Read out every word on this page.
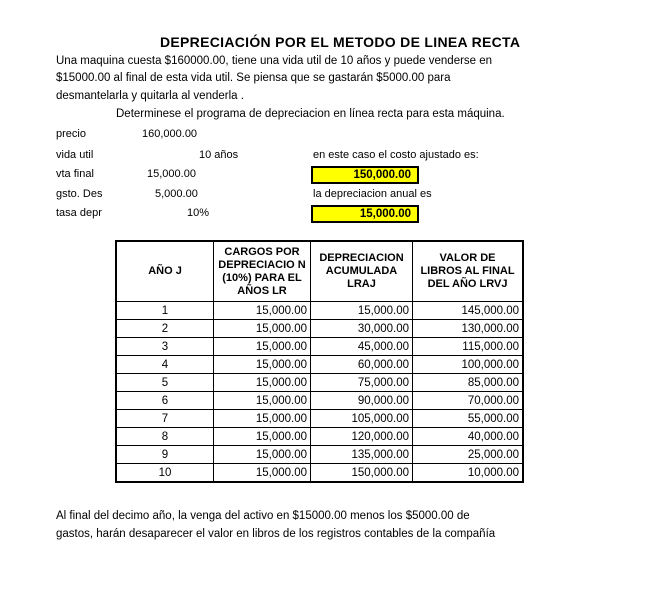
DEPRECIACIÓN POR EL METODO DE LINEA RECTA
Una maquina cuesta $160000.00, tiene una vida util de 10 años y puede venderse en
$15000.00 al final de esta vida util. Se piensa que se gastarán $5000.00 para
desmantelarla y quitarla al venderla .
Determinese el programa de depreciacion en línea recta para esta máquina.
precio	160,000.00
vida util	10 años
vta final	15,000.00
gsto. Des	5,000.00
tasa depr	10%
en este caso el costo ajustado es:
150,000.00
la depreciacion anual es
15,000.00
AÑO J	CARGOS POR DEPRECIACIO N (10%) PARA EL AÑOS LR	DEPRECIACION ACUMULADA LRAJ	VALOR DE LIBROS AL FINAL DEL AÑO LRVJ
1	15,000.00	15,000.00	145,000.00
2	15,000.00	30,000.00	130,000.00
3	15,000.00	45,000.00	115,000.00
4	15,000.00	60,000.00	100,000.00
5	15,000.00	75,000.00	85,000.00
6	15,000.00	90,000.00	70,000.00
7	15,000.00	105,000.00	55,000.00
8	15,000.00	120,000.00	40,000.00
9	15,000.00	135,000.00	25,000.00
10	15,000.00	150,000.00	10,000.00
Al final del decimo año, la venga del activo en $15000.00 menos los $5000.00 de
gastos, harán desaparecer el valor en libros de los registros contables de la compañía
